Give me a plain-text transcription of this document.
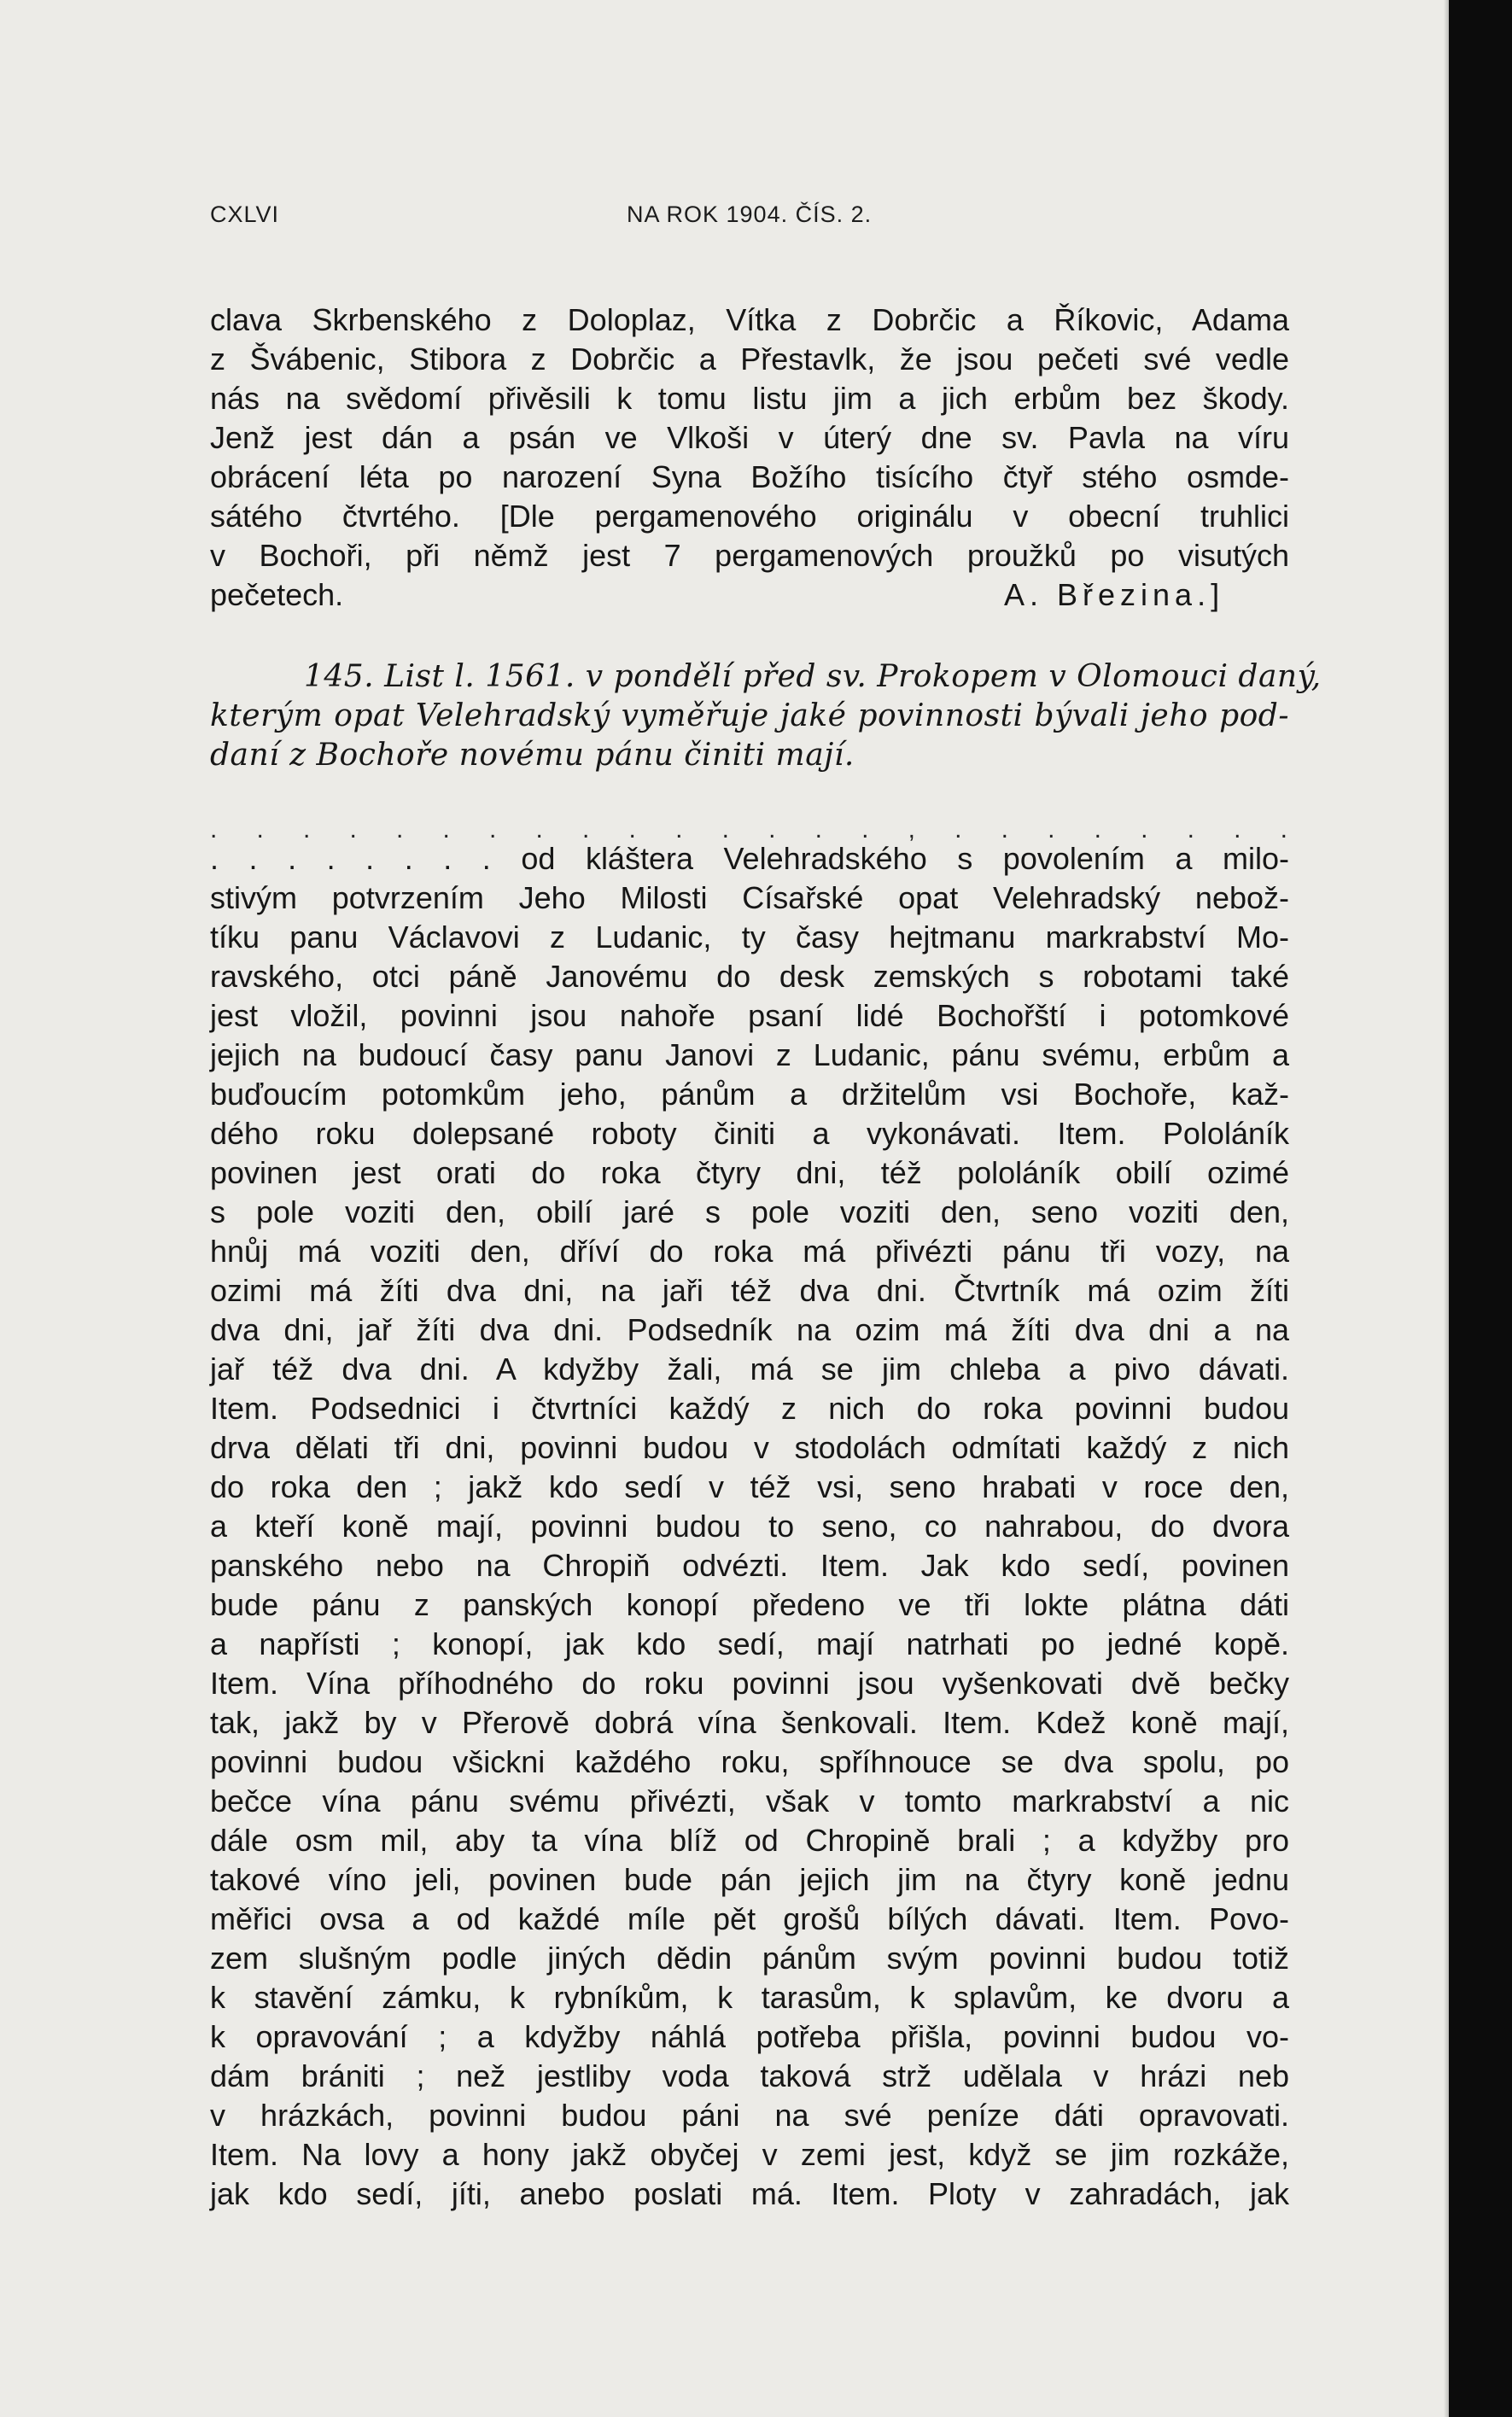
CXLVI	NA ROK 1904. ČÍS. 2.
clava Skrbenského z Doloplaz, Vítka z Dobrčic a Říkovic, Adama
z Švábenic, Stibora z Dobrčic a Přestavlk, že jsou pečeti své vedle
nás na svědomí přivěsili k tomu listu jim a jich erbům bez škody.
Jenž jest dán a psán ve Vlkoši v úterý dne sv. Pavla na víru
obrácení léta po narození Syna Božího tisícího čtyř stého osmde-
sátého čtvrtého. [Dle pergamenového originálu v obecní truhlici
v Bochoři, při němž jest 7 pergamenových proužků po visutých
pečetech.	A. Březina.]
145. List l. 1561. v pondělí před sv. Prokopem v Olomouci daný,
kterým opat Velehradský vyměřuje jaké povinnosti bývali jeho pod-
daní z Bochoře novému pánu činiti mají.
. . . . . . . . . . . . . . . , . . . . . . . .
. . . . . . . . od kláštera Velehradského s povolením a milo-
stivým potvrzením Jeho Milosti Císařské opat Velehradský nebož-
tíku panu Václavovi z Ludanic, ty časy hejtmanu markrabství Mo-
ravského, otci páně Janovému do desk zemských s robotami také
jest vložil, povinni jsou nahoře psaní lidé Bochořští i potomkové
jejich na budoucí časy panu Janovi z Ludanic, pánu svému, erbům a
buďoucím potomkům jeho, pánům a držitelům vsi Bochoře, kaž-
dého roku dolepsané roboty činiti a vykonávati. Item. Pololáník
povinen jest orati do roka čtyry dni, též pololáník obilí ozimé
s pole voziti den, obilí jaré s pole voziti den, seno voziti den,
hnůj má voziti den, dříví do roka má přivézti pánu tři vozy, na
ozimi má žíti dva dni, na jaři též dva dni. Čtvrtník má ozim žíti
dva dni, jař žíti dva dni. Podsedník na ozim má žíti dva dni a na
jař též dva dni. A kdyžby žali, má se jim chleba a pivo dávati.
Item. Podsednici i čtvrtníci každý z nich do roka povinni budou
drva dělati tři dni, povinni budou v stodolách odmítati každý z nich
do roka den ; jakž kdo sedí v též vsi, seno hrabati v roce den,
a kteří koně mají, povinni budou to seno, co nahrabou, do dvora
panského nebo na Chropiň odvézti. Item. Jak kdo sedí, povinen
bude pánu z panských konopí předeno ve tři lokte plátna dáti
a napřísti ; konopí, jak kdo sedí, mají natrhati po jedné kopě.
Item. Vína příhodného do roku povinni jsou vyšenkovati dvě bečky
tak, jakž by v Přerově dobrá vína šenkovali. Item. Kdež koně mají,
povinni budou všickni každého roku, spříhnouce se dva spolu, po
bečce vína pánu svému přivézti, však v tomto markrabství a nic
dále osm mil, aby ta vína blíž od Chropině brali ; a kdyžby pro
takové víno jeli, povinen bude pán jejich jim na čtyry koně jednu
měřici ovsa a od každé míle pět grošů bílých dávati. Item. Povo-
zem slušným podle jiných dědin pánům svým povinni budou totiž
k stavění zámku, k rybníkům, k tarasům, k splavům, ke dvoru a
k opravování ; a kdyžby náhlá potřeba přišla, povinni budou vo-
dám brániti ; než jestliby voda taková strž udělala v hrázi neb
v hrázkách, povinni budou páni na své peníze dáti opravovati.
Item. Na lovy a hony jakž obyčej v zemi jest, když se jim rozkáže,
jak kdo sedí, jíti, anebo poslati má. Item. Ploty v zahradách, jak
